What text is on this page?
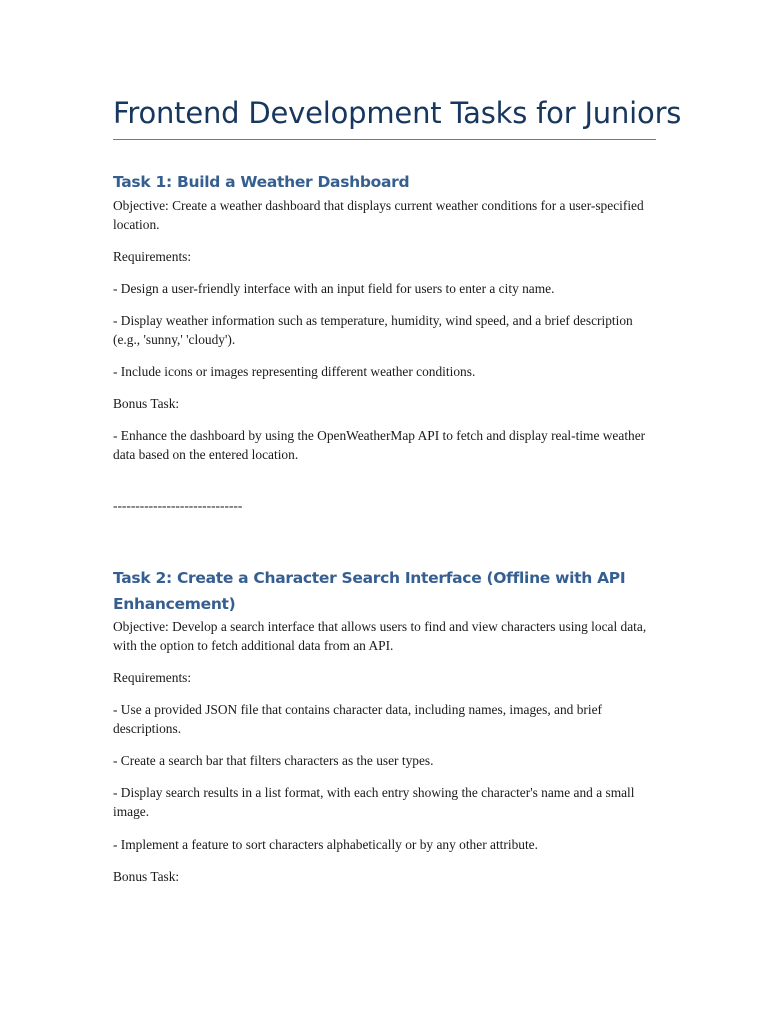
Frontend Development Tasks for Juniors
Task 1: Build a Weather Dashboard

Objective: Create a weather dashboard that displays current weather conditions for a user-specified location.

Requirements:

- Design a user-friendly interface with an input field for users to enter a city name.

- Display weather information such as temperature, humidity, wind speed, and a brief description (e.g., 'sunny,' 'cloudy').

- Include icons or images representing different weather conditions.

Bonus Task:

- Enhance the dashboard by using the OpenWeatherMap API to fetch and display real-time weather data based on the entered location.

-----------------------------

Task 2: Create a Character Search Interface (Offline with API Enhancement)

Objective: Develop a search interface that allows users to find and view characters using local data, with the option to fetch additional data from an API.

Requirements:

- Use a provided JSON file that contains character data, including names, images, and brief descriptions.

- Create a search bar that filters characters as the user types.

- Display search results in a list format, with each entry showing the character's name and a small image.

- Implement a feature to sort characters alphabetically or by any other attribute.

Bonus Task:
